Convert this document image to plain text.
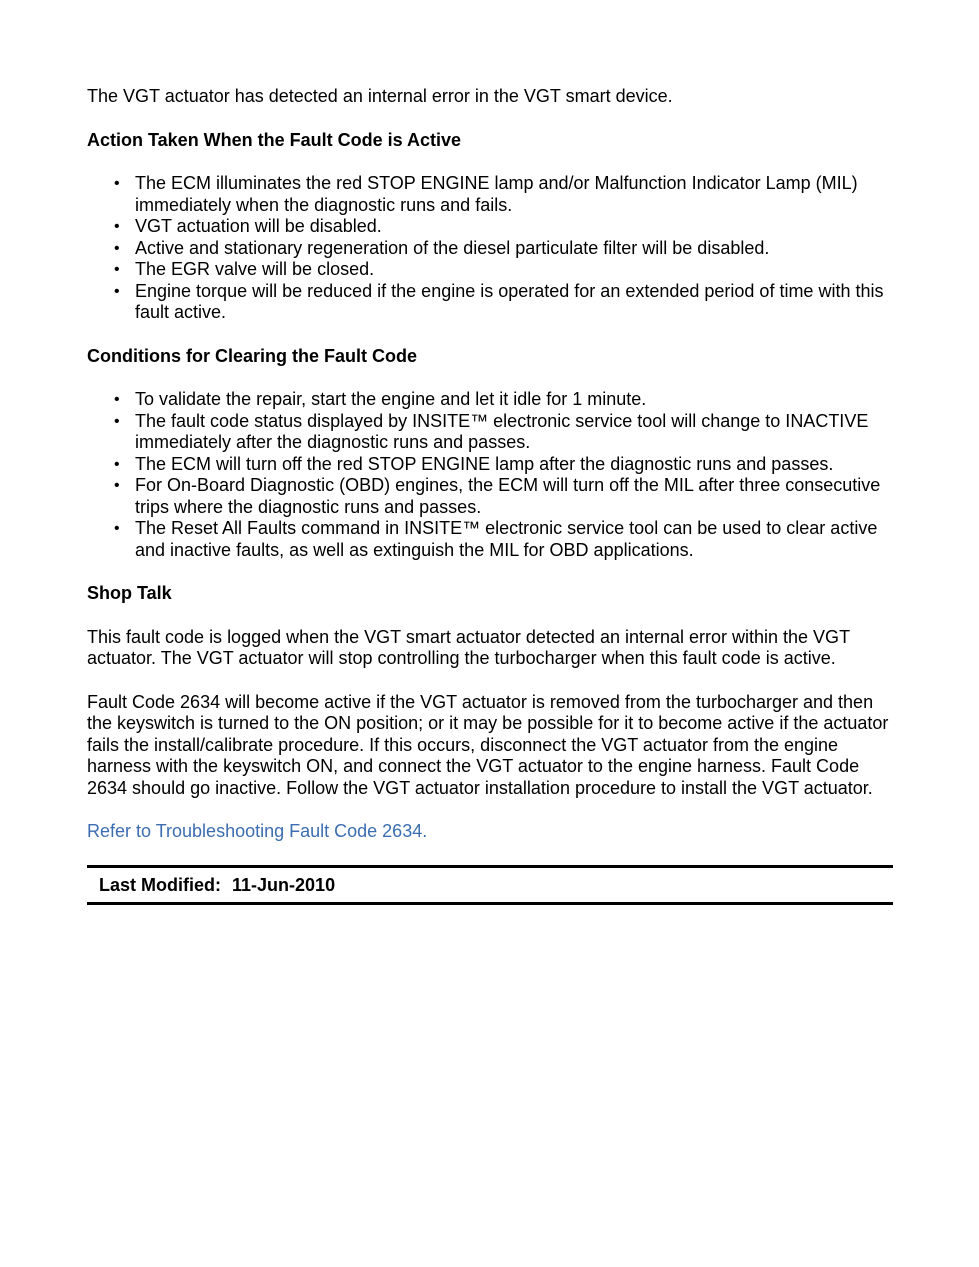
The VGT actuator has detected an internal error in the VGT smart device.

Action Taken When the Fault Code is Active

• The ECM illuminates the red STOP ENGINE lamp and/or Malfunction Indicator Lamp (MIL) immediately when the diagnostic runs and fails.
• VGT actuation will be disabled.
• Active and stationary regeneration of the diesel particulate filter will be disabled.
• The EGR valve will be closed.
• Engine torque will be reduced if the engine is operated for an extended period of time with this fault active.

Conditions for Clearing the Fault Code

• To validate the repair, start the engine and let it idle for 1 minute.
• The fault code status displayed by INSITE™ electronic service tool will change to INACTIVE immediately after the diagnostic runs and passes.
• The ECM will turn off the red STOP ENGINE lamp after the diagnostic runs and passes.
• For On-Board Diagnostic (OBD) engines, the ECM will turn off the MIL after three consecutive trips where the diagnostic runs and passes.
• The Reset All Faults command in INSITE™ electronic service tool can be used to clear active and inactive faults, as well as extinguish the MIL for OBD applications.

Shop Talk

This fault code is logged when the VGT smart actuator detected an internal error within the VGT actuator. The VGT actuator will stop controlling the turbocharger when this fault code is active.

Fault Code 2634 will become active if the VGT actuator is removed from the turbocharger and then the keyswitch is turned to the ON position; or it may be possible for it to become active if the actuator fails the install/calibrate procedure. If this occurs, disconnect the VGT actuator from the engine harness with the keyswitch ON, and connect the VGT actuator to the engine harness. Fault Code 2634 should go inactive. Follow the VGT actuator installation procedure to install the VGT actuator.

Refer to Troubleshooting Fault Code 2634.

Last Modified: 11-Jun-2010
